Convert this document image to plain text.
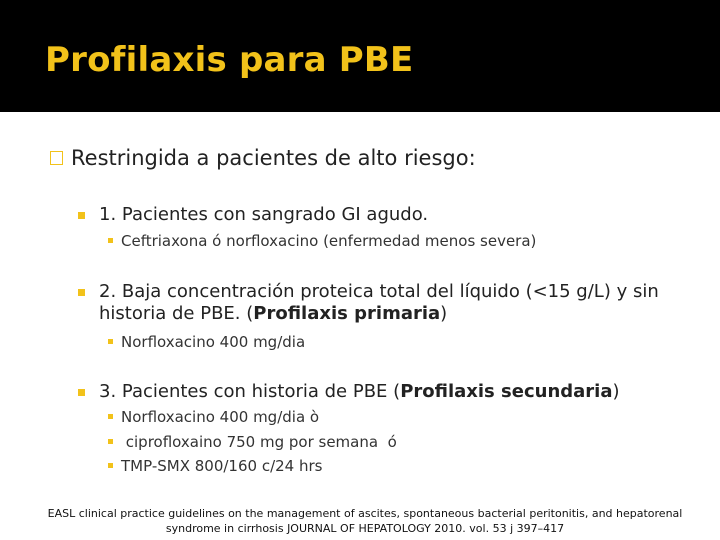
Profilaxis para PBE
Restringida a pacientes de alto riesgo:
1. Pacientes con sangrado GI agudo.
Ceftriaxona ó norfloxacino (enfermedad menos severa)
2. Baja concentración proteica total del líquido (<15 g/L) y sin historia de PBE. (Profilaxis primaria)
Norfloxacino 400 mg/dia
3. Pacientes con historia de PBE (Profilaxis secundaria)
Norfloxacino 400 mg/dia ò
ciprofloxaino 750 mg por semana  ó
TMP-SMX 800/160 c/24 hrs
EASL clinical practice guidelines on the management of ascites, spontaneous bacterial peritonitis, and hepatorenal syndrome in cirrhosis JOURNAL OF HEPATOLOGY 2010. vol. 53 j 397–417
